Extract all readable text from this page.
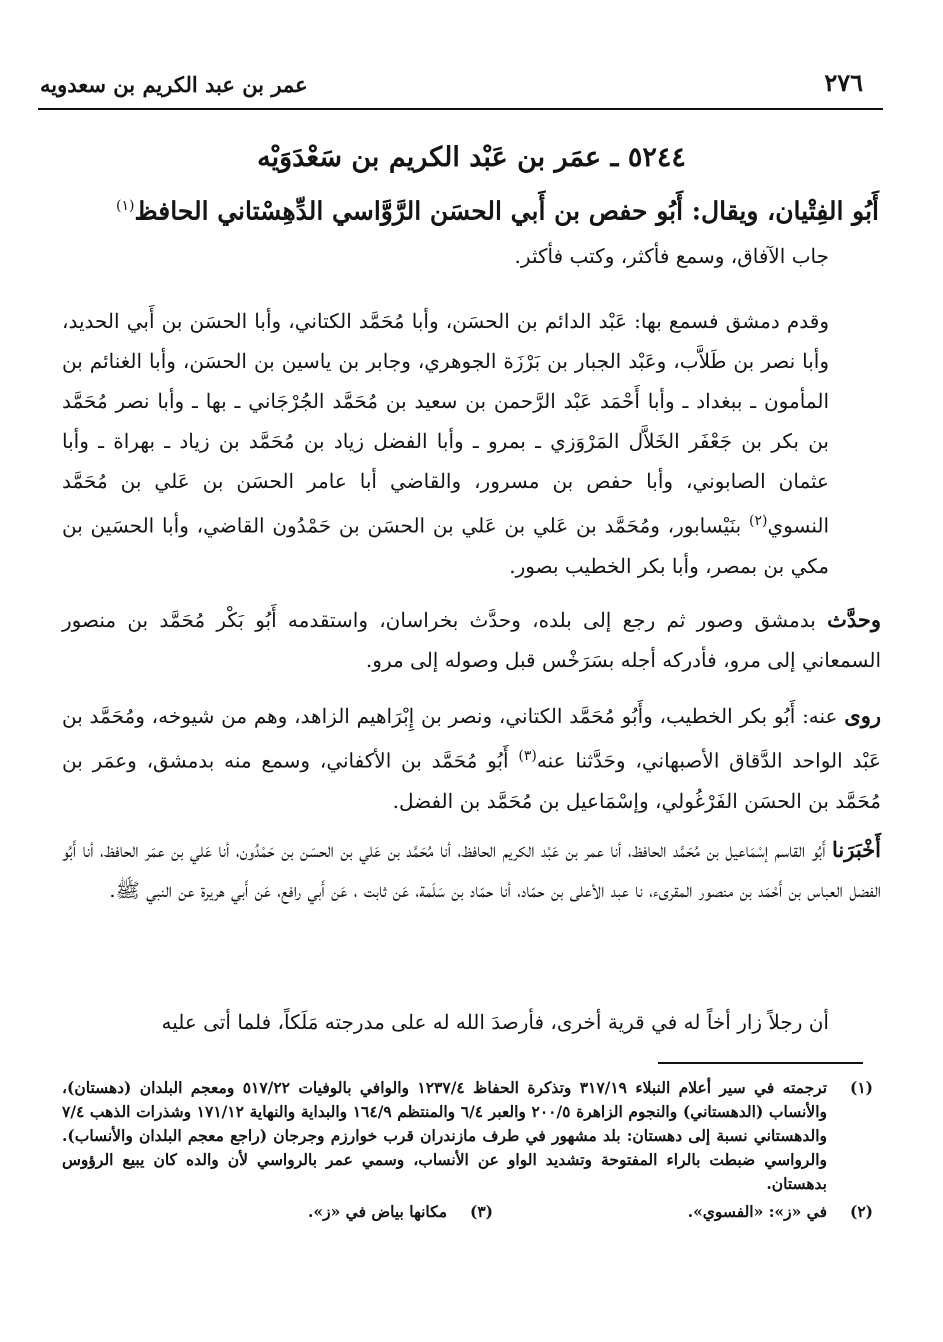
٢٧٦
عمر بن عبد الكريم بن سعدويه
٥٢٤٤ ـ عمَر بن عَبْد الكريم بن سَعْدَوَيْه
أَبُو الفِتْيان، ويقال: أَبُو حفص بن أَبي الحسَن الرَّوَّاسي الدِّهِسْتاني الحافظ$^{(١)}$
جاب الآفاق، وسمع فأكثر، وكتب فأكثر.
وقدم دمشق فسمع بها: عَبْد الدائم بن الحسَن، وأبا مُحَمَّد الكتاني، وأبا الحسَن بن أَبي الحديد، وأبا نصر بن طَلاَّب، وعَبْد الجبار بن بَرْزَة الجوهري، وجابر بن ياسين بن الحسَن، وأبا الغنائم بن المأمون ـ ببغداد ـ وأبا أَحْمَد عَبْد الرَّحمن بن سعيد بن مُحَمَّد الجُرْجَاني ـ بها ـ وأبا نصر مُحَمَّد بن بكر بن جَعْفَر الخَلاَّل المَرْوَزي ـ بمرو ـ وأبا الفضل زياد بن مُحَمَّد بن زياد ـ بهراة ـ وأبا عثمان الصابوني، وأبا حفص بن مسرور، والقاضي أبا عامر الحسَن بن عَلي بن مُحَمَّد النسوي$^{(٢)}$ بنَيْسابور، ومُحَمَّد بن عَلي بن عَلي بن الحسَن بن حَمْدُون القاضي، وأبا الحسَين بن مكي بن بمصر، وأبا بكر الخطيب بصور.
وحدَّث بدمشق وصور ثم رجع إلى بلده، وحدَّث بخراسان، واستقدمه أَبُو بَكْر مُحَمَّد بن منصور السمعاني إلى مرو، فأدركه أجله بسَرَخْس قبل وصوله إلى مرو.
روى عنه: أَبُو بكر الخطيب، وأَبُو مُحَمَّد الكتاني، ونصر بن إِبْرَاهيم الزاهد، وهم من شيوخه، ومُحَمَّد بن عَبْد الواحد الدَّقاق الأصبهاني، وحَدَّثنا عنه$^{(٣)}$ أَبُو مُحَمَّد بن الأكفاني، وسمع منه بدمشق، وعمَر بن مُحَمَّد بن الحسَن الفَرْغُولي، وإسْمَاعيل بن مُحَمَّد بن الفضل.
أَخْبَرَنا أَبُو القاسم إسْمَاعيل بن مُحَمَّد الحافظ، أنا عمر بن عَبْد الكريم الحافظ، أنا مُحَمَّد بن عَلي بن الحسَن بن حَمْدُون، أنا عَلي بن عمَر الحافظ، أنا أَبُو الفضل العباس بن أَحْمَد بن منصور المقرىء، نا عبد الأعلى بن حمّاد، أنا حمّاد بن سَلَمة، عَن ثابت ، عَن أَبي رافع، عَن أَبي هريرة عن النبي ﷺ.
أن رجلاً زار أخاً له في قرية أخرى، فأرصدَ الله له على مدرجته مَلَكاً، فلما أتى عليه
(١)
ترجمته في سير أعلام النبلاء ٣١٧/١٩ وتذكرة الحفاظ ١٢٣٧/٤ والوافي بالوفيات ٥١٧/٢٢ ومعجم البلدان (دهستان)، والأنساب (الدهستاني) والنجوم الزاهرة ٢٠٠/٥ والعبر ٦/٤ والمنتظم ١٦٤/٩ والبداية والنهاية ١٧١/١٢ وشذرات الذهب ٧/٤ والدهستاني نسبة إلى دهستان: بلد مشهور في طرف مازندران قرب خوارزم وجرجان (راجع معجم البلدان والأنساب). والرواسي ضبطت بالراء المفتوحة وتشديد الواو عن الأنساب، وسمي عمر بالرواسي لأن والده كان يبيع الرؤوس بدهستان.
(٢)
في «ز»: «الفسوي».
(٣)
مكانها بياض في «ز».
